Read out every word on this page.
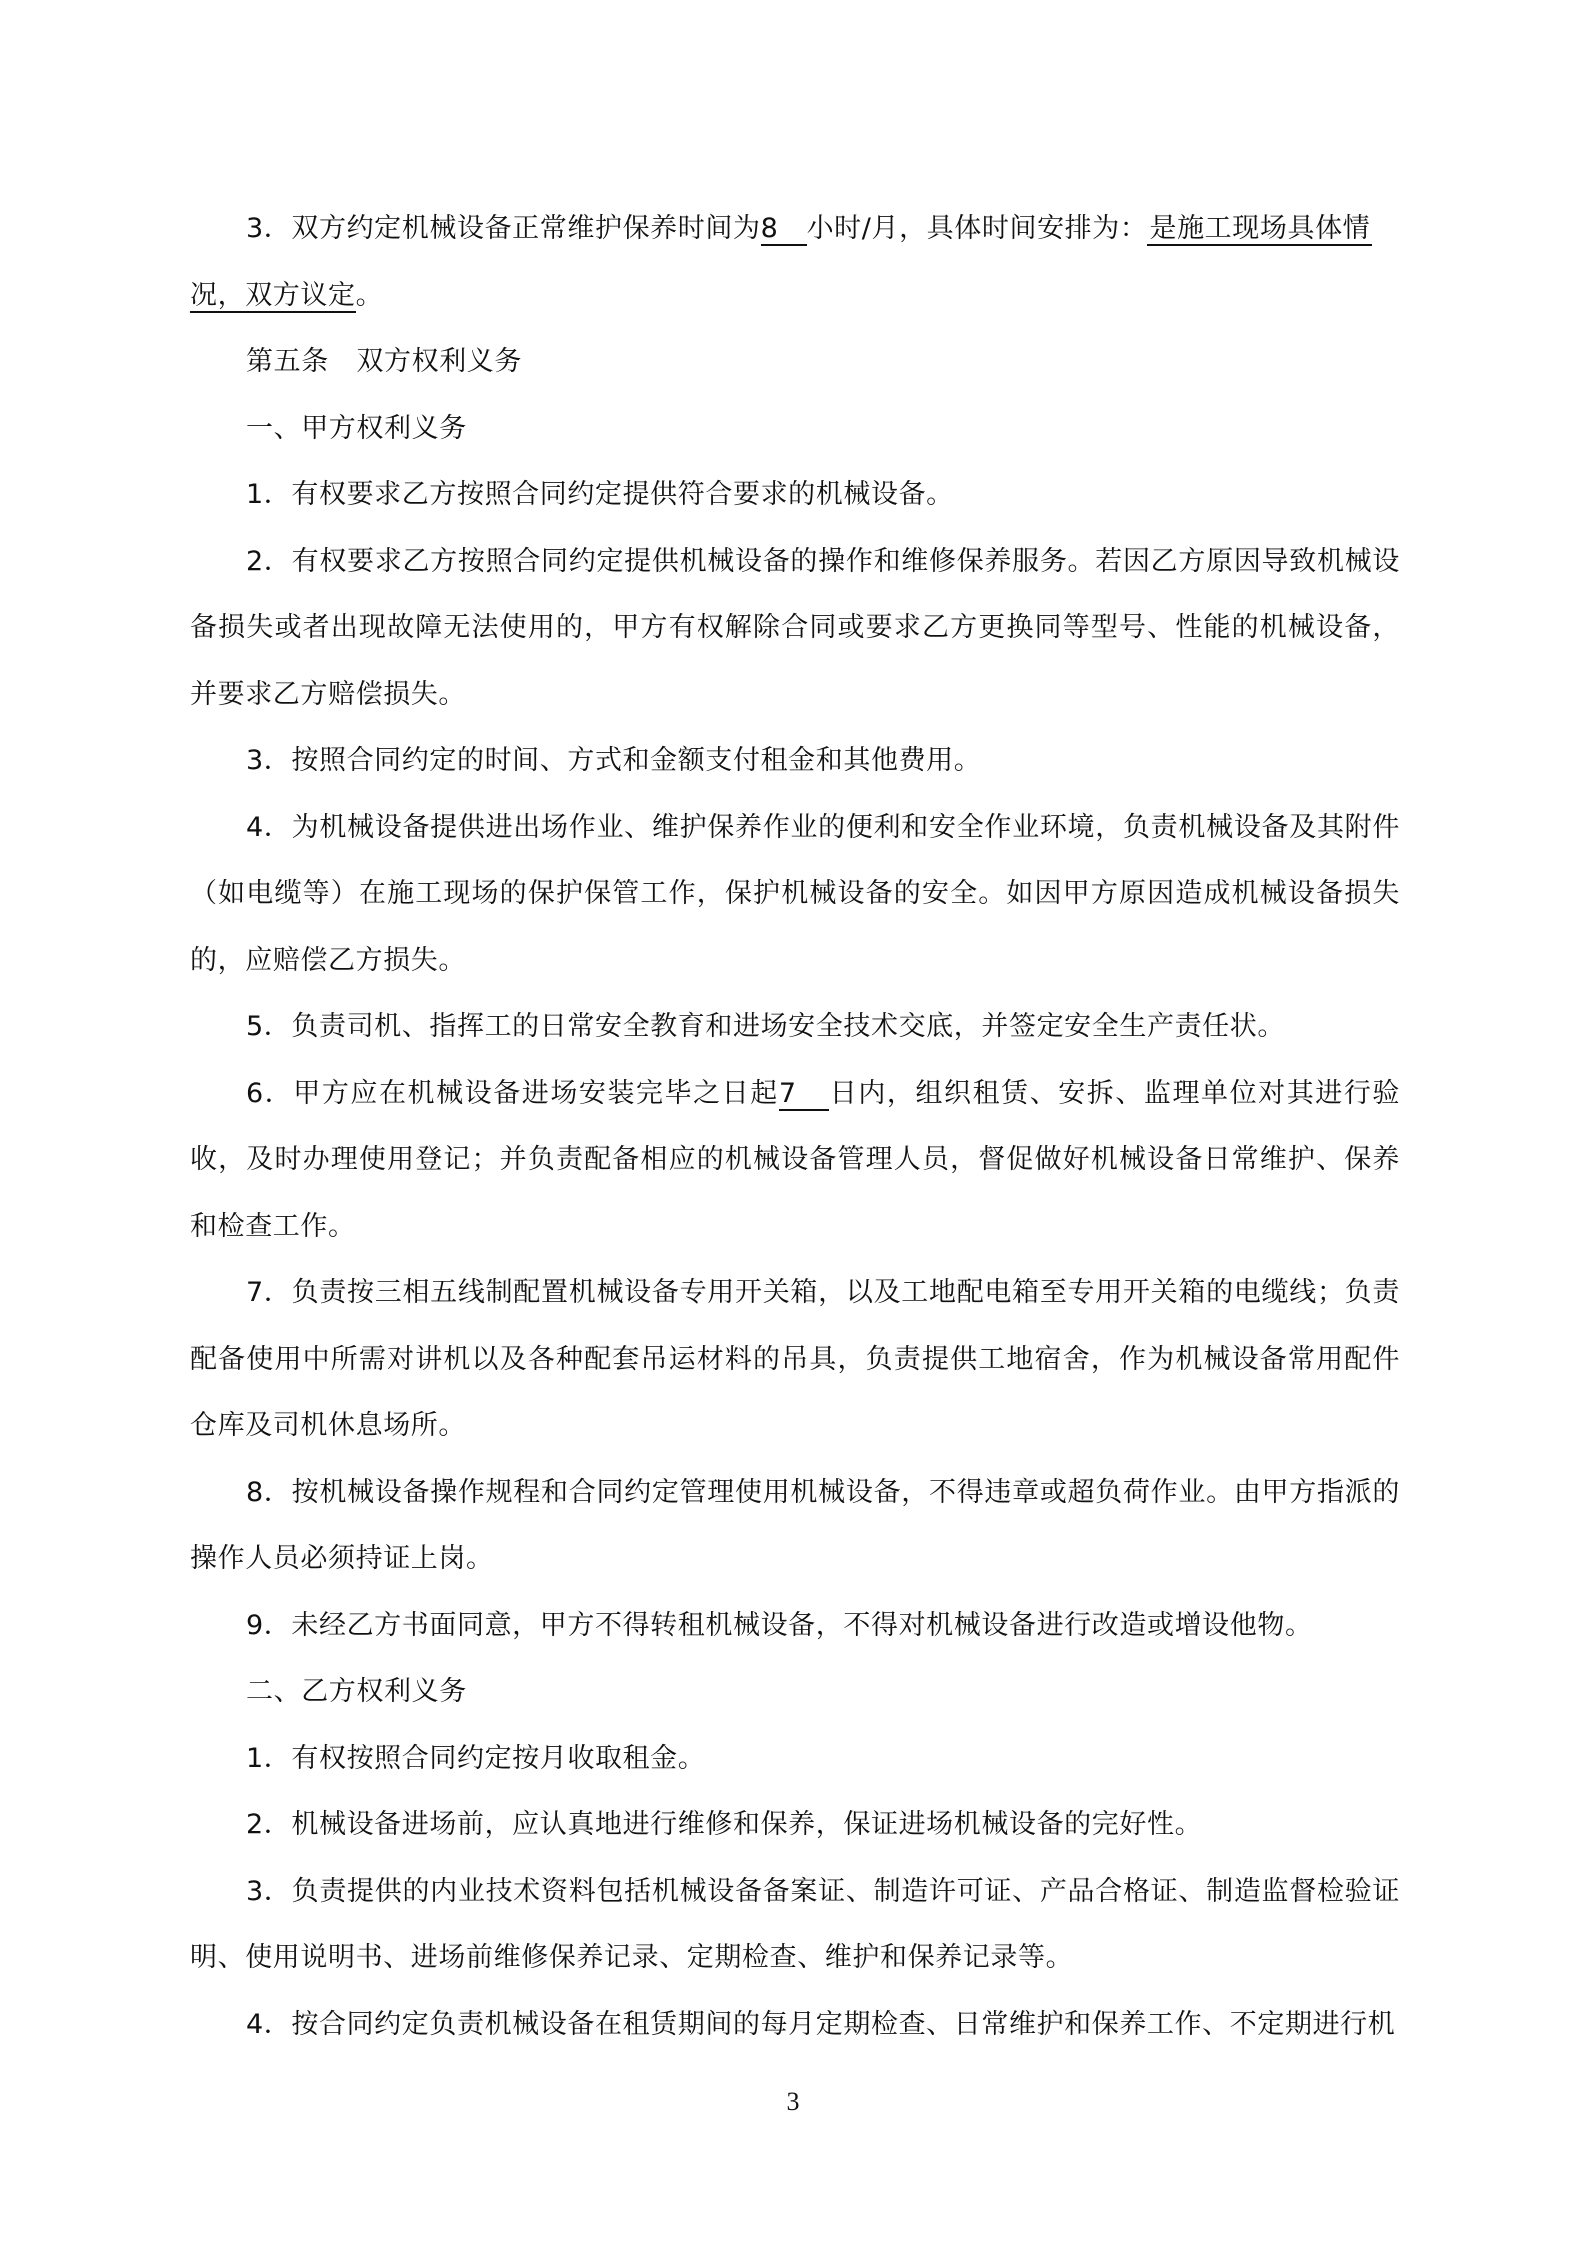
3．双方约定机械设备正常维护保养时间为8 小时/月，具体时间安排为：是施工现场具体情
况，双方议定。

第五条　双方权利义务

一、甲方权利义务

1．有权要求乙方按照合同约定提供符合要求的机械设备。

2．有权要求乙方按照合同约定提供机械设备的操作和维修保养服务。若因乙方原因导致机械设备损失或者出现故障无法使用的，甲方有权解除合同或要求乙方更换同等型号、性能的机械设备，并要求乙方赔偿损失。

3．按照合同约定的时间、方式和金额支付租金和其他费用。

4．为机械设备提供进出场作业、维护保养作业的便利和安全作业环境，负责机械设备及其附件（如电缆等）在施工现场的保护保管工作，保护机械设备的安全。如因甲方原因造成机械设备损失的，应赔偿乙方损失。

5．负责司机、指挥工的日常安全教育和进场安全技术交底，并签定安全生产责任状。

6．甲方应在机械设备进场安装完毕之日起7 日内，组织租赁、安拆、监理单位对其进行验收，及时办理使用登记；并负责配备相应的机械设备管理人员，督促做好机械设备日常维护、保养和检查工作。

7．负责按三相五线制配置机械设备专用开关箱，以及工地配电箱至专用开关箱的电缆线；负责配备使用中所需对讲机以及各种配套吊运材料的吊具，负责提供工地宿舍，作为机械设备常用配件仓库及司机休息场所。

8．按机械设备操作规程和合同约定管理使用机械设备，不得违章或超负荷作业。由甲方指派的操作人员必须持证上岗。

9．未经乙方书面同意，甲方不得转租机械设备，不得对机械设备进行改造或增设他物。

二、乙方权利义务

1．有权按照合同约定按月收取租金。

2．机械设备进场前，应认真地进行维修和保养，保证进场机械设备的完好性。

3．负责提供的内业技术资料包括机械设备备案证、制造许可证、产品合格证、制造监督检验证明、使用说明书、进场前维修保养记录、定期检查、维护和保养记录等。

4．按合同约定负责机械设备在租赁期间的每月定期检查、日常维护和保养工作、不定期进行机

3
